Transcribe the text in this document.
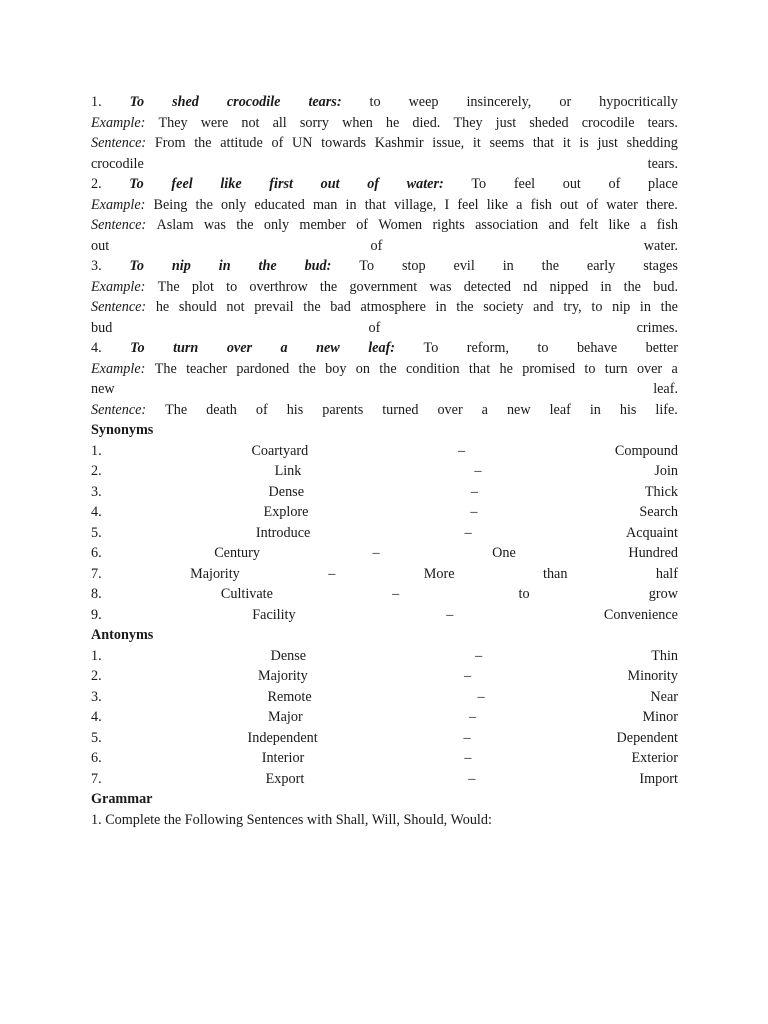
1. To shed crocodile tears: to weep insincerely, or hypocritically
Example: They were not all sorry when he died. They just sheded crocodile tears.
Sentence: From the attitude of UN towards Kashmir issue, it seems that it is just shedding
crocodile	tears.
2. To feel like first out of water: To feel out of place
Example: Being the only educated man in that village, I feel like a fish out of water there.
Sentence: Aslam was the only member of Women rights association and felt like a fish
out	of	water.
3. To nip in the bud: To stop evil in the early stages
Example: The plot to overthrow the government was detected nd nipped in the bud.
Sentence: he should not prevail the bad atmosphere in the society and try, to nip in the
bud	of	crimes.
4. To turn over a new leaf: To reform, to behave better
Example: The teacher pardoned the boy on the condition that he promised to turn over a
new	leaf.
Sentence: The death of his parents turned over a new leaf in his life.
Synonyms
1.	Coartyard	–	Compound
2.	Link	–	Join
3.	Dense	–	Thick
4.	Explore	–	Search
5.	Introduce	–	Acquaint
6.	Century	–	One	Hundred
7.	Majority	–	More	than	half
8.	Cultivate	–	to	grow
9.	Facility	–	Convenience
Antonyms
1.	Dense	–	Thin
2.	Majority	–	Minority
3.	Remote	–	Near
4.	Major	–	Minor
5.	Independent	–	Dependent
6.	Interior	–	Exterior
7.	Export	–	Import
Grammar
1. Complete the Following Sentences with Shall, Will, Should, Would:
